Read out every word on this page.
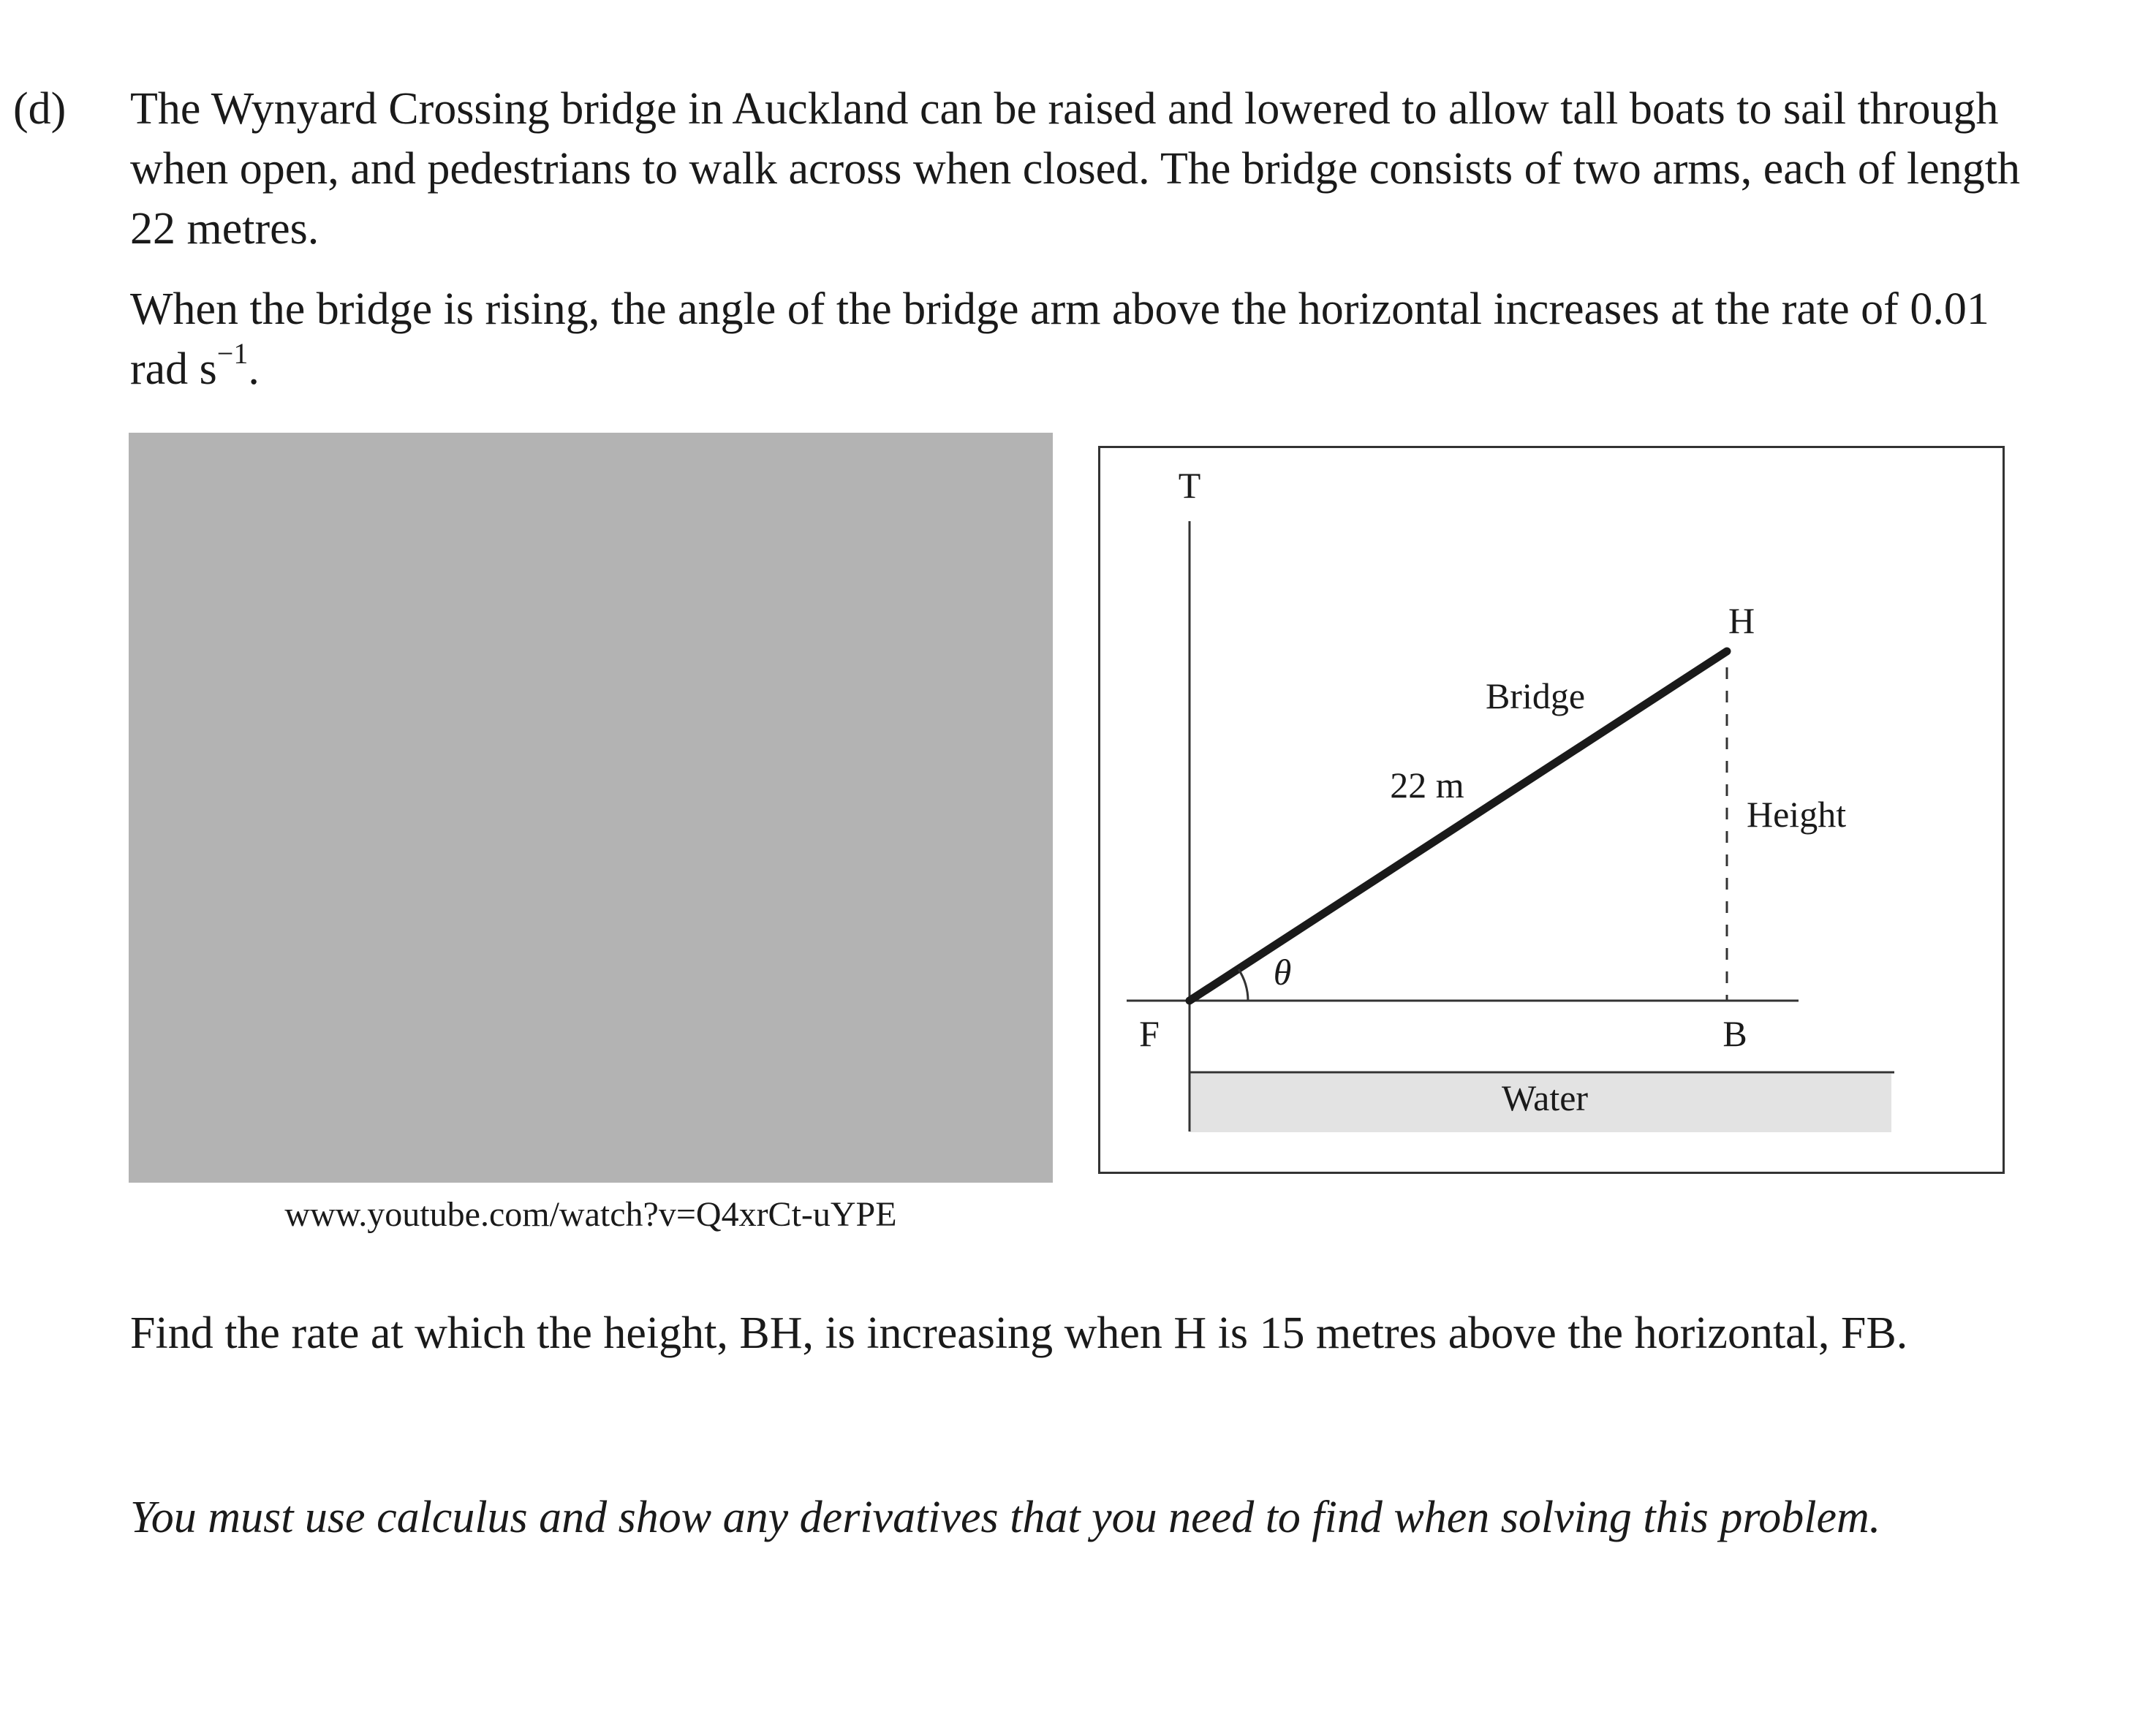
(d) The Wynyard Crossing bridge in Auckland can be raised and lowered to allow tall boats to sail through when open, and pedestrians to walk across when closed. The bridge consists of two arms, each of length 22 metres.
When the bridge is rising, the angle of the bridge arm above the horizontal increases at the rate of 0.01 rad $s^{-1}$.
www.youtube.com/watch?v=Q4xrCt-uYPE
T
H
Bridge
22 m
Height
θ
F	B
Water
Find the rate at which the height, BH, is increasing when H is 15 metres above the horizontal, FB.
You must use calculus and show any derivatives that you need to find when solving this problem.
